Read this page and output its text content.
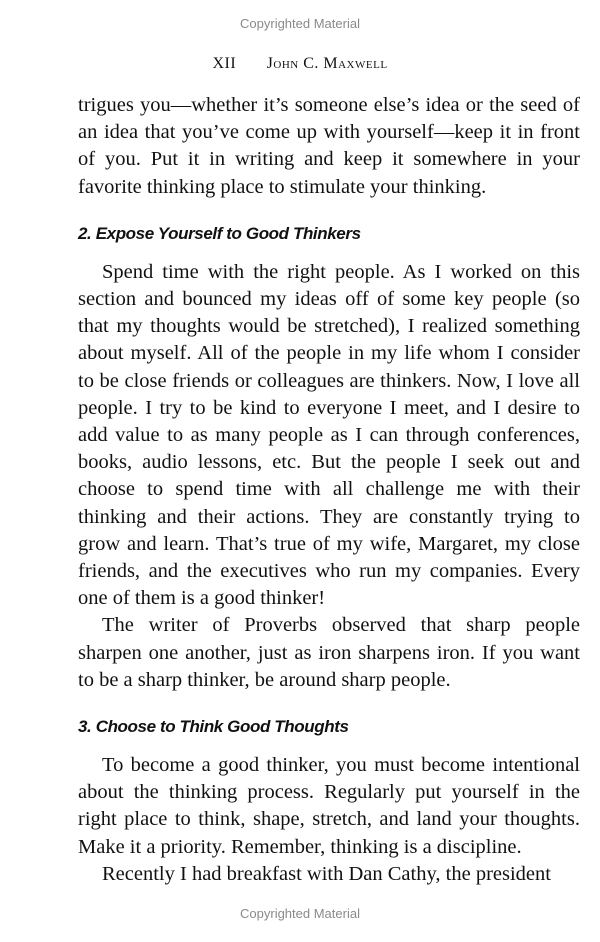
Copyrighted Material
XII John C. Maxwell

trigues you—whether it’s someone else’s idea or the seed of an idea that you’ve come up with yourself—keep it in front of you. Put it in writing and keep it somewhere in your favorite thinking place to stimulate your thinking.

2. Expose Yourself to Good Thinkers

Spend time with the right people. As I worked on this section and bounced my ideas off of some key people (so that my thoughts would be stretched), I realized something about myself. All of the people in my life whom I consider to be close friends or colleagues are thinkers. Now, I love all people. I try to be kind to everyone I meet, and I desire to add value to as many people as I can through conferences, books, audio lessons, etc. But the people I seek out and choose to spend time with all challenge me with their thinking and their actions. They are constantly trying to grow and learn. That’s true of my wife, Margaret, my close friends, and the executives who run my companies. Every one of them is a good thinker!

The writer of Proverbs observed that sharp people sharpen one another, just as iron sharpens iron. If you want to be a sharp thinker, be around sharp people.

3. Choose to Think Good Thoughts

To become a good thinker, you must become intentional about the thinking process. Regularly put yourself in the right place to think, shape, stretch, and land your thoughts. Make it a priority. Remember, thinking is a discipline.

Recently I had breakfast with Dan Cathy, the president

Copyrighted Material
